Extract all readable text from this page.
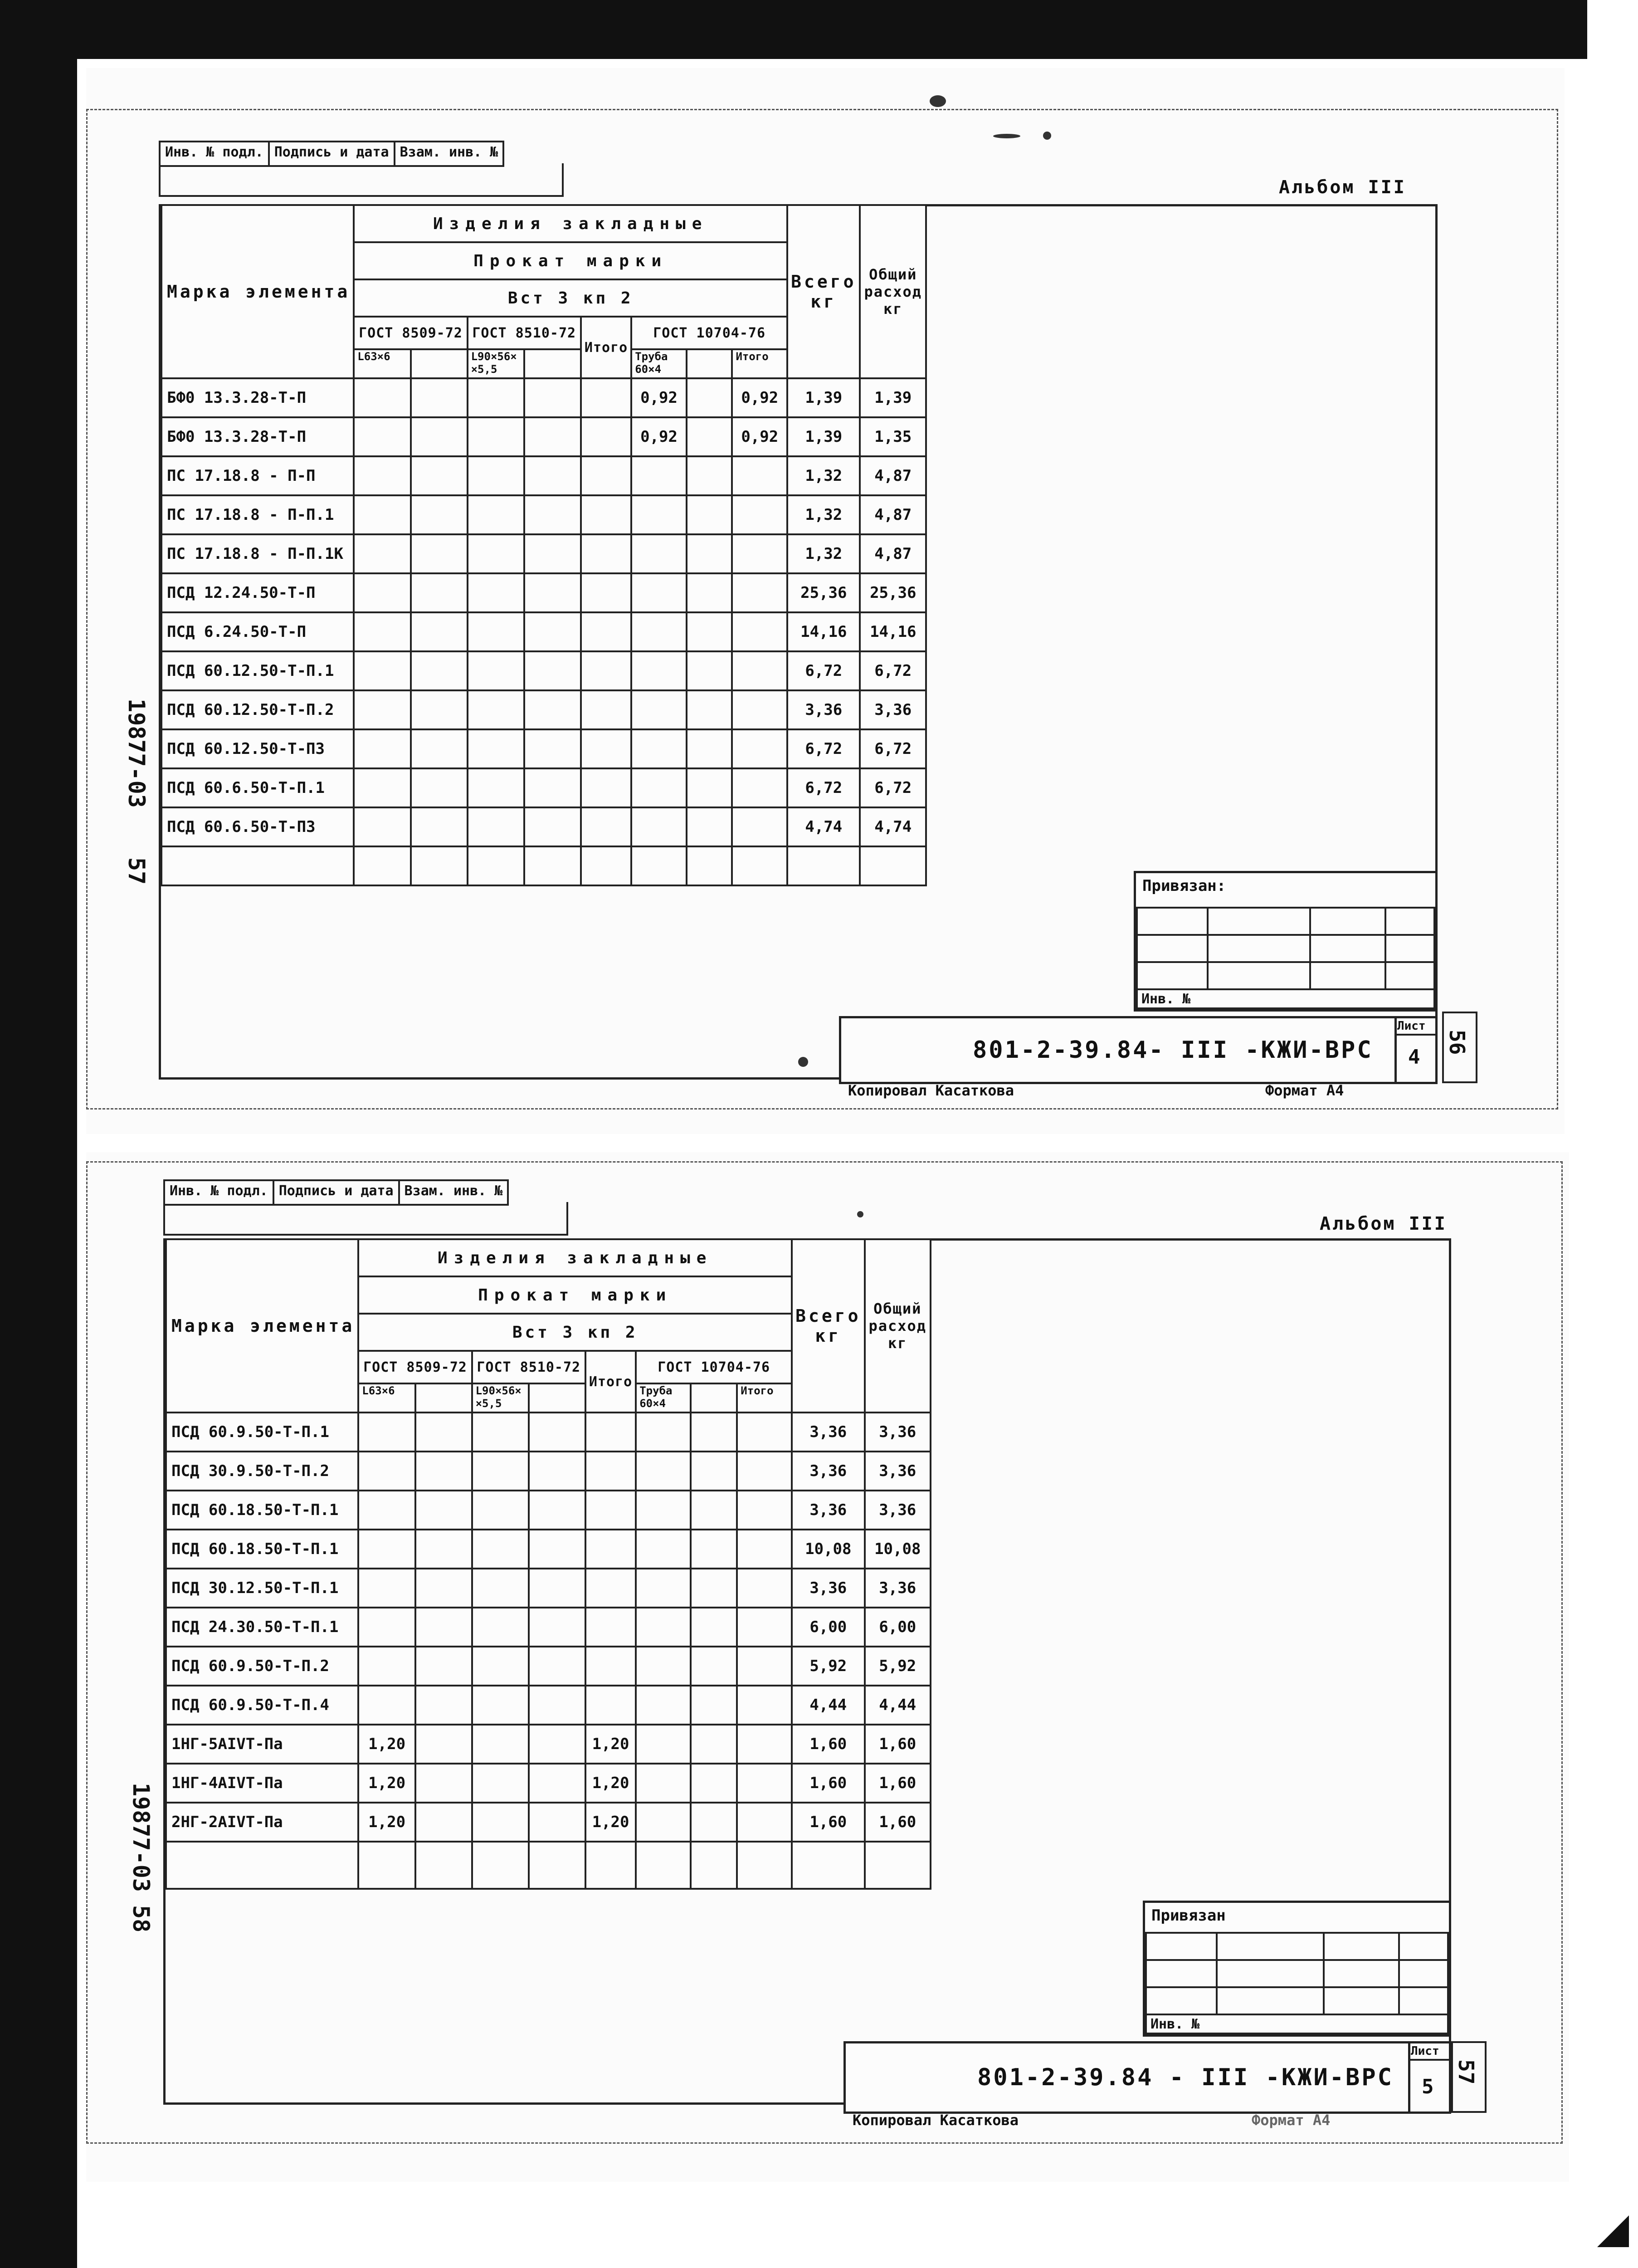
Инв. № подл. Подпись и дата Взам. инв. №
Альбом III
Марка элемента	Изделия закладные								Всего
кг	Общий расход
кг
	Прокат марки									
	Вст 3 кп 2									
	ГОСТ 8509-72		ГОСТ 8510-72		Итого	ГОСТ 10704-76				
	L63×6		L90×56× ×5,5			Труба 60×4		Итого		
БФ0 13.3.28-Т-П						0,92		0,92	1,39	1,39
БФ0 13.3.28-Т-П						0,92		0,92	1,39	1,35
ПС 17.18.8 - П-П									1,32	4,87
ПС 17.18.8 - П-П.1									1,32	4,87
ПС 17.18.8 - П-П.1К									1,32	4,87
ПСД 12.24.50-Т-П									25,36	25,36
ПСД 6.24.50-Т-П									14,16	14,16
ПСД 60.12.50-Т-П.1									6,72	6,72
ПСД 60.12.50-Т-П.2									3,36	3,36
ПСД 60.12.50-Т-П3									6,72	6,72
ПСД 60.6.50-Т-П.1									6,72	6,72
ПСД 60.6.50-Т-П3									4,74	4,74

19877-03
57
Привязан:

Инв. №			
801-2-39.84- III -КЖИ-ВРС
Лист
4
Копировал Касаткова	Формат А4
56
Инв. № подл. Подпись и дата Взам. инв. №
Альбом III
Марка элемента	Изделия закладные								Всего
кг	Общий расход
кг
	Прокат марки									
	Вст 3 кп 2									
	ГОСТ 8509-72		ГОСТ 8510-72		Итого	ГОСТ 10704-76				
	L63×6		L90×56× ×5,5			Труба 60×4		Итого		
ПСД 60.9.50-Т-П.1									3,36	3,36
ПСД 30.9.50-Т-П.2									3,36	3,36
ПСД 60.18.50-Т-П.1									3,36	3,36
ПСД 60.18.50-Т-П.1									10,08	10,08
ПСД 30.12.50-Т-П.1									3,36	3,36
ПСД 24.30.50-Т-П.1									6,00	6,00
ПСД 60.9.50-Т-П.2									5,92	5,92
ПСД 60.9.50-Т-П.4									4,44	4,44
1НГ-5АIVТ-Па	1,20				1,20				1,60	1,60
1НГ-4АIVТ-Па	1,20				1,20				1,60	1,60
2НГ-2АIVТ-Па	1,20				1,20				1,60	1,60

19877-03
58	Привязан

Инв. №			
801-2-39.84 - III -КЖИ-ВРС
Лист
5
Копировал Касаткова	Формат А4
57
